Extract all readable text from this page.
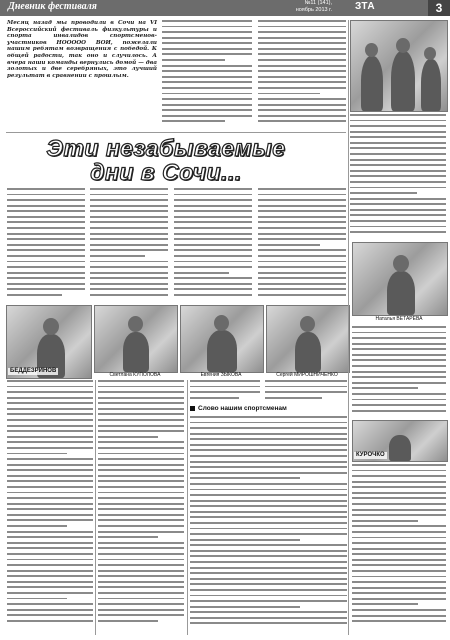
Дневник фестиваля	№11 (141),
ноябрь 2013 г. ЗТА	3
Месяц назад мы проводили в Сочи на VI Всероссийский фестиваль физкультуры и спорта инвалидов спортсменов-участников НООООО ВОИ, пожелали нашим ребятам возвращения с победой. К общей радости, так оно и случилось. А вчера наши команды вернулись домой — два золотых и две серебряных, это лучший результат в сравнении с прошлым.
Эти незабываемые
дни в Сочи...
БЕДДЕЗРИНОВ
Светлана КУПОЛОВА	Евгения ЗЫКОВА	Сергей МИРОШНИЧЕНКО
Наталья ВЕТАРЕВА
КУРОЧКО
Слово нашим спортсменам
